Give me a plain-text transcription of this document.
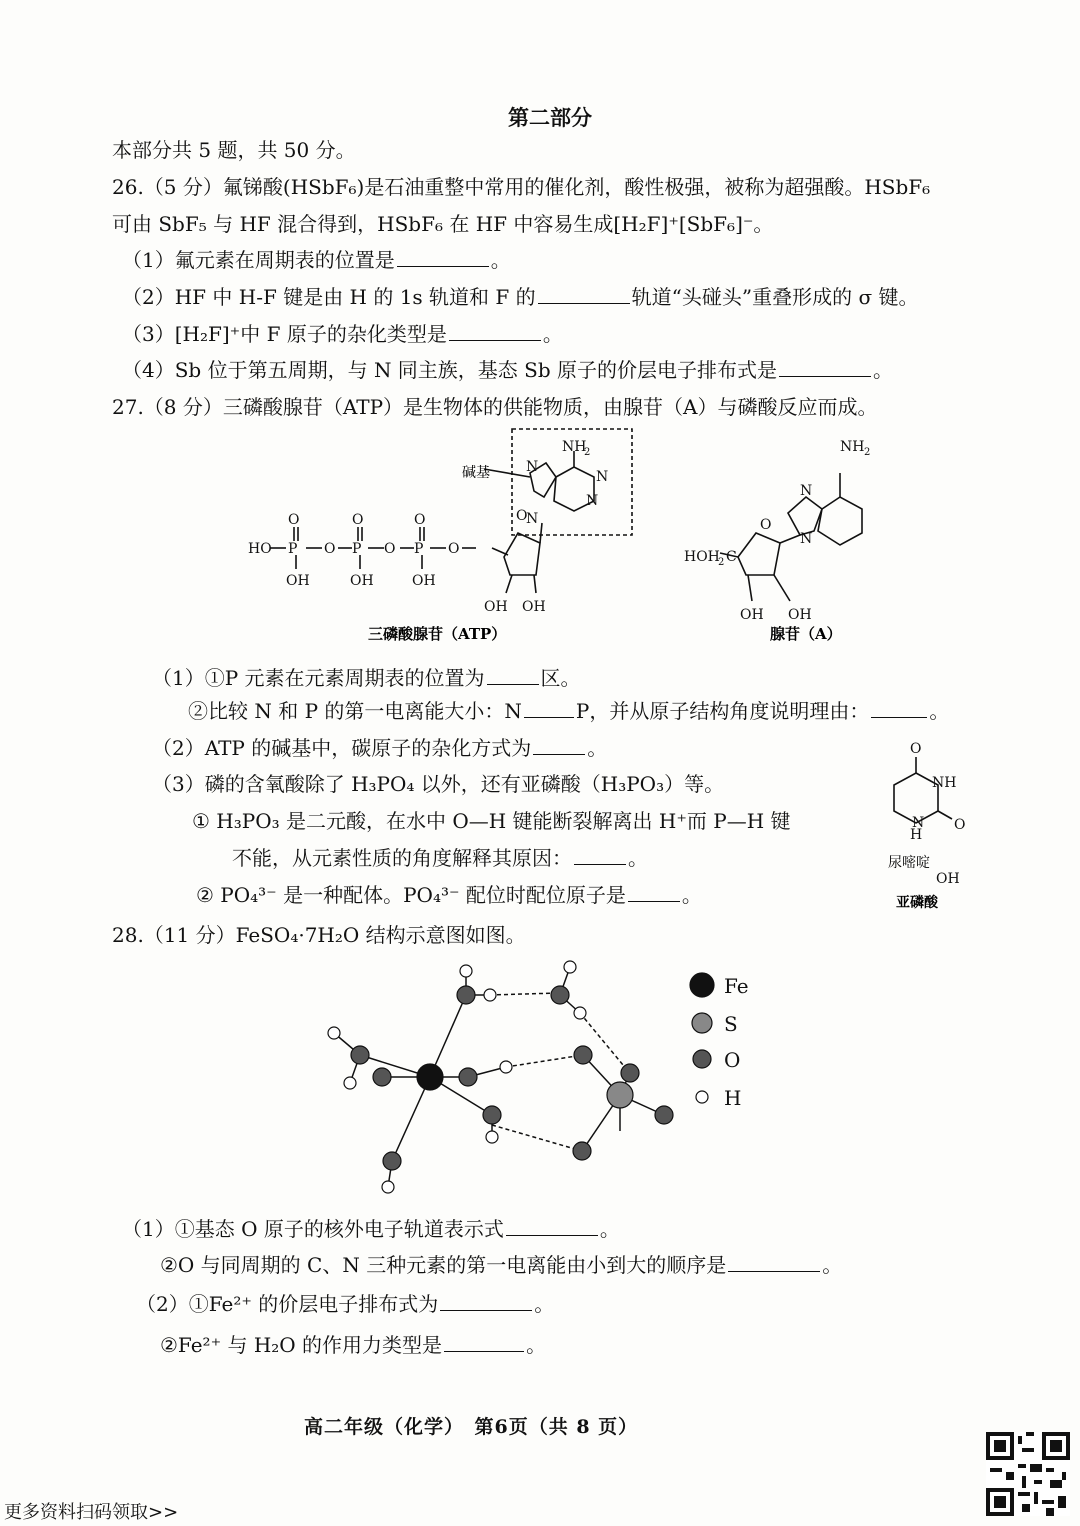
第二部分
本部分共 5 题，共 50 分。
26.（5 分）氟锑酸(HSbF₆)是石油重整中常用的催化剂，酸性极强，被称为超强酸。HSbF₆
可由 SbF₅ 与 HF 混合得到，HSbF₆ 在 HF 中容易生成[H₂F]⁺[SbF₆]⁻。
（1）氟元素在周期表的位置是	。
（2）HF 中 H-F 键是由 H 的 1s 轨道和 F 的	轨道“头碰头”重叠形成的 σ 键。
（3）[H₂F]⁺中 F 原子的杂化类型是	。
（4）Sb 位于第五周期，与 N 同主族，基态 Sb 原子的价层电子排布式是	。
27.（8 分）三磷酸腺苷（ATP）是生物体的供能物质，由腺苷（A）与磷酸反应而成。
HO
O
P
OH
O
O
P
OH
O
O
P
OH
O
OH OH
O
NH
2
N
N
N
N
NH 2
HOH
2 C
OH OH
O
N
N
碱基
三磷酸腺苷（ATP）	腺苷（A）
（1）①P 元素在元素周期表的位置为	区。
②比较 N 和 P 的第一电离能大小：N	P，并从原子结构角度说明理由：	。
（2）ATP 的碱基中，碳原子的杂化方式为	。
（3）磷的含氧酸除了 H₃PO₄ 以外，还有亚磷酸（H₃PO₃）等。
① H₃PO₃ 是二元酸，在水中 O—H 键能断裂解离出 H⁺而 P—H 键
不能，从元素性质的角度解释其原因：	。
② PO₄³⁻ 是一种配体。PO₄³⁻ 配位时配位原子是	。
O
NH
O
H
N
OH
尿嘧啶
亚磷酸
28.（11 分）FeSO₄·7H₂O 结构示意图如图。
Fe
S
O
H
（1）①基态 O 原子的核外电子轨道表示式	。
②O 与同周期的 C、N 三种元素的第一电离能由小到大的顺序是	。
（2）①Fe²⁺ 的价层电子排布式为	。
②Fe²⁺ 与 H₂O 的作用力类型是	。
高二年级（化学）　第6页（共 8 页）
更多资料扫码领取>>
